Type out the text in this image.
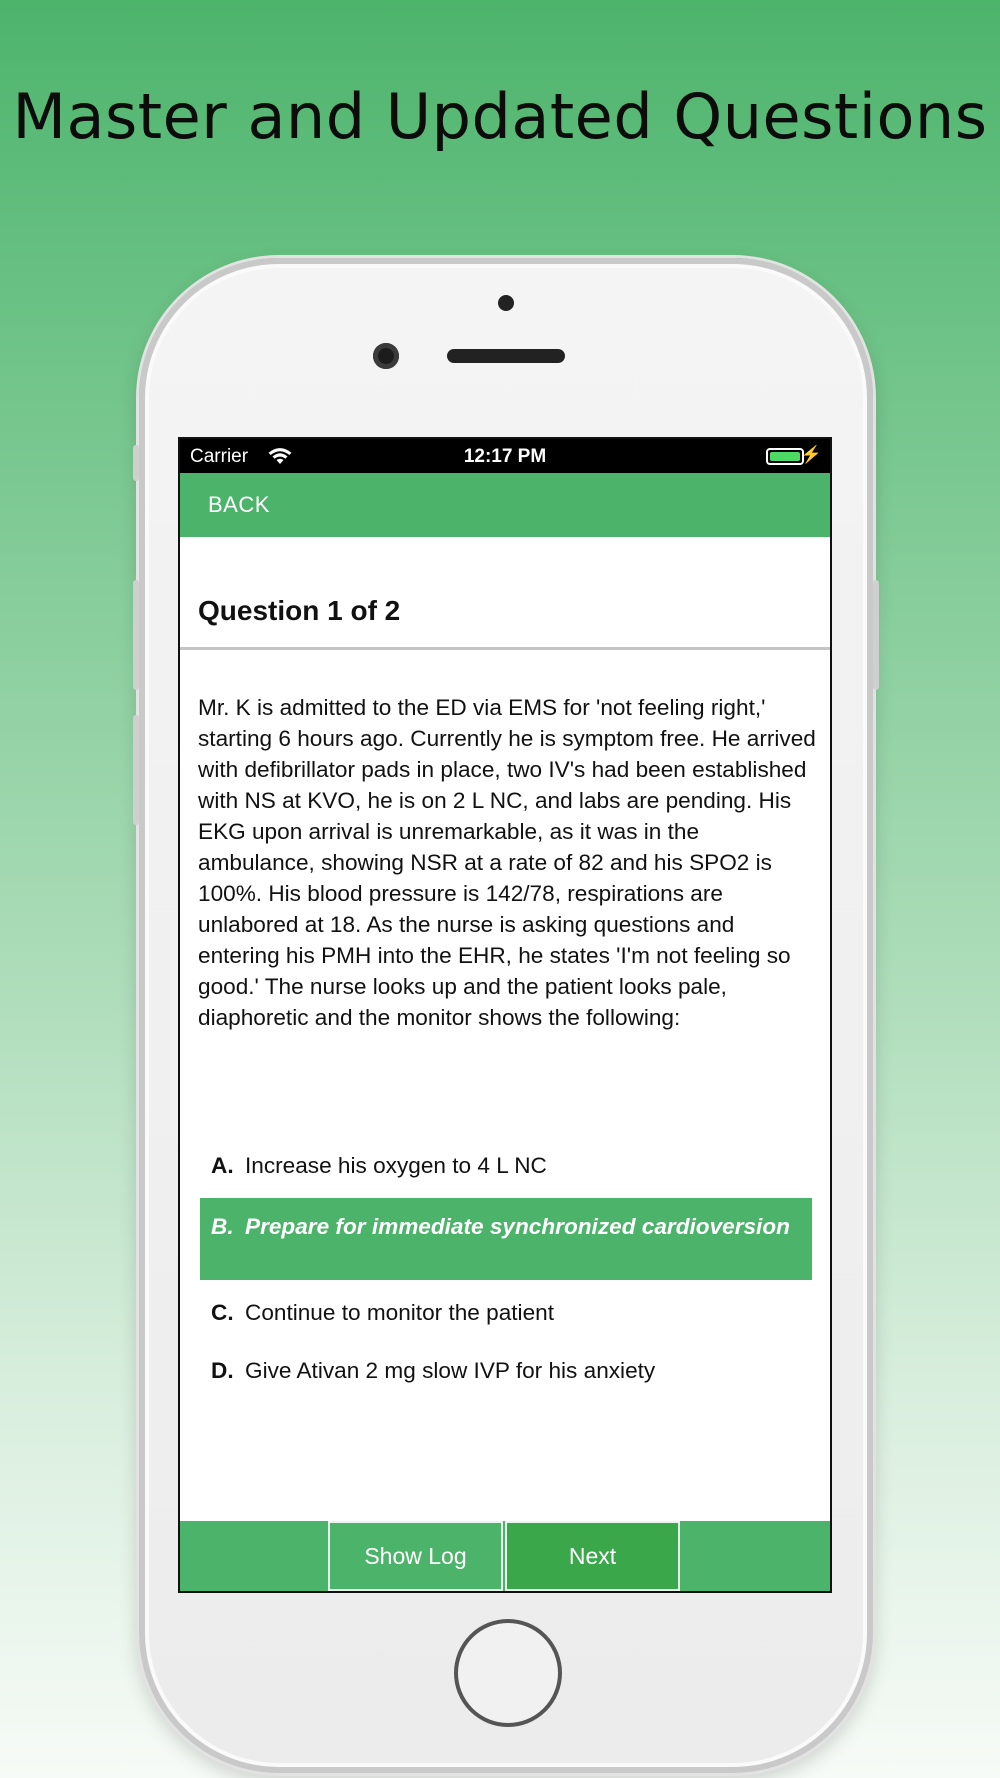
Master and Updated Questions
Carrier	12:17 PM	⚡
BACK
Question 1 of 2
Mr. K is admitted to the ED via EMS for 'not feeling right,' starting 6 hours ago. Currently he is symptom free. He arrived with defibrillator pads in place, two IV's had been established with NS at KVO, he is on 2 L NC, and labs are pending. His EKG upon arrival is unremarkable, as it was in the ambulance, showing NSR at a rate of 82 and his SPO2 is 100%. His blood pressure is 142/78, respirations are unlabored at 18. As the nurse is asking questions and entering his PMH into the EHR, he states 'I'm not feeling so good.' The nurse looks up and the patient looks pale, diaphoretic and the monitor shows the following:
A. Increase his oxygen to 4 L NC
B. Prepare for immediate synchronized cardioversion
C. Continue to monitor the patient
D. Give Ativan 2 mg slow IVP for his anxiety
Show Log	Next
